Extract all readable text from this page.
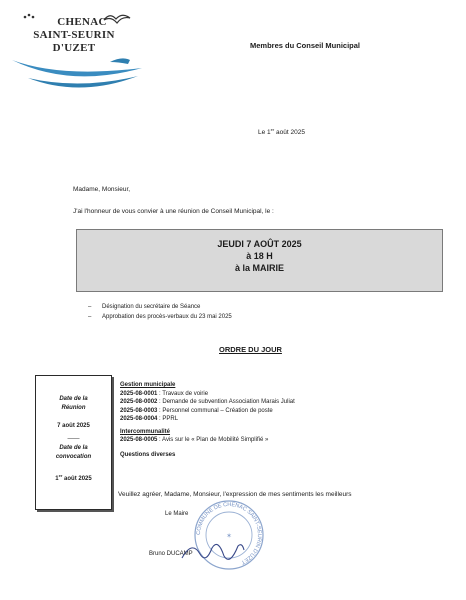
CHENAC
SAINT-SEURIN
D'UZET	Membres du Conseil Municipal
Le 1er août 2025
Madame, Monsieur,
J'ai l'honneur de vous convier à une réunion de Conseil Municipal, le :
JEUDI 7 AOÛT 2025
à 18 H
à la MAIRIE
– Désignation du secrétaire de Séance
– Approbation des procès-verbaux du 23 mai 2025
ORDRE DU JOUR
Date de la
Réunion
7 août 2025
——
Date de la
convocation
1er août 2025
Gestion municipale
2025-08-0001 : Travaux de voirie
2025-08-0002 : Demande de subvention Association Marais Juliat
2025-08-0003 : Personnel communal – Création de poste
2025-08-0004 : PPRL
Intercommunalité
2025-08-0005 : Avis sur le « Plan de Mobilité Simplifié »
Questions diverses
Veuillez agréer, Madame, Monsieur, l'expression de mes sentiments les meilleurs
Le Maire
Bruno DUCAMP
COMMUNE DE CHENAC SAINT-SEURIN D'UZET
✶
